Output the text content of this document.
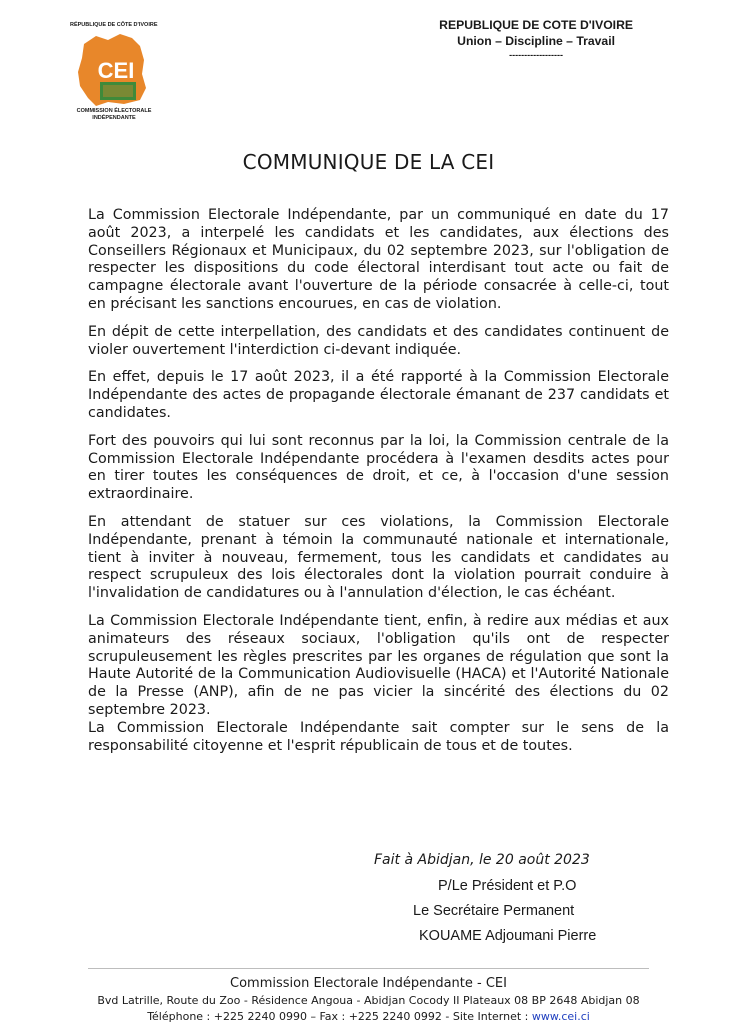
RÉPUBLIQUE DE CÔTE D'IVOIRE
CEI
COMMISSION ÉLECTORALE
INDÉPENDANTE
REPUBLIQUE DE COTE D'IVOIRE
Union – Discipline – Travail
------------------
COMMUNIQUE DE LA CEI

La Commission Electorale Indépendante, par un communiqué en date du 17 août 2023, a interpelé les candidats et les candidates, aux élections des Conseillers Régionaux et Municipaux, du 02 septembre 2023, sur l'obligation de respecter les dispositions du code électoral interdisant tout acte ou fait de campagne électorale avant l'ouverture de la période consacrée à celle-ci, tout en précisant les sanctions encourues, en cas de violation.

En dépit de cette interpellation, des candidats et des candidates continuent de violer ouvertement l'interdiction ci-devant indiquée.

En effet, depuis le 17 août 2023, il a été rapporté à la Commission Electorale Indépendante des actes de propagande électorale émanant de 237 candidats et candidates.

Fort des pouvoirs qui lui sont reconnus par la loi, la Commission centrale de la Commission Electorale Indépendante procédera à l'examen desdits actes pour en tirer toutes les conséquences de droit, et ce, à l'occasion d'une session extraordinaire.

En attendant de statuer sur ces violations, la Commission Electorale Indépendante, prenant à témoin la communauté nationale et internationale, tient à inviter à nouveau, fermement, tous les candidats et candidates au respect scrupuleux des lois électorales dont la violation pourrait conduire à l'invalidation de candidatures ou à l'annulation d'élection, le cas échéant.

La Commission Electorale Indépendante tient, enfin, à redire aux médias et aux animateurs des réseaux sociaux, l'obligation qu'ils ont de respecter scrupuleusement les règles prescrites par les organes de régulation que sont la Haute Autorité de la Communication Audiovisuelle (HACA) et l'Autorité Nationale de la Presse (ANP), afin de ne pas vicier la sincérité des élections du 02 septembre 2023.

La Commission Electorale Indépendante sait compter sur le sens de la responsabilité citoyenne et l'esprit républicain de tous et de toutes.

Fait à Abidjan, le 20 août 2023
P/Le Président et P.O
Le Secrétaire Permanent
KOUAME Adjoumani Pierre
Commission Electorale Indépendante - CEI
Bvd Latrille, Route du Zoo - Résidence Angoua - Abidjan Cocody II Plateaux 08 BP 2648 Abidjan 08
Téléphone : +225 2240 0990 – Fax : +225 2240 0992 - Site Internet : www.cei.ci
